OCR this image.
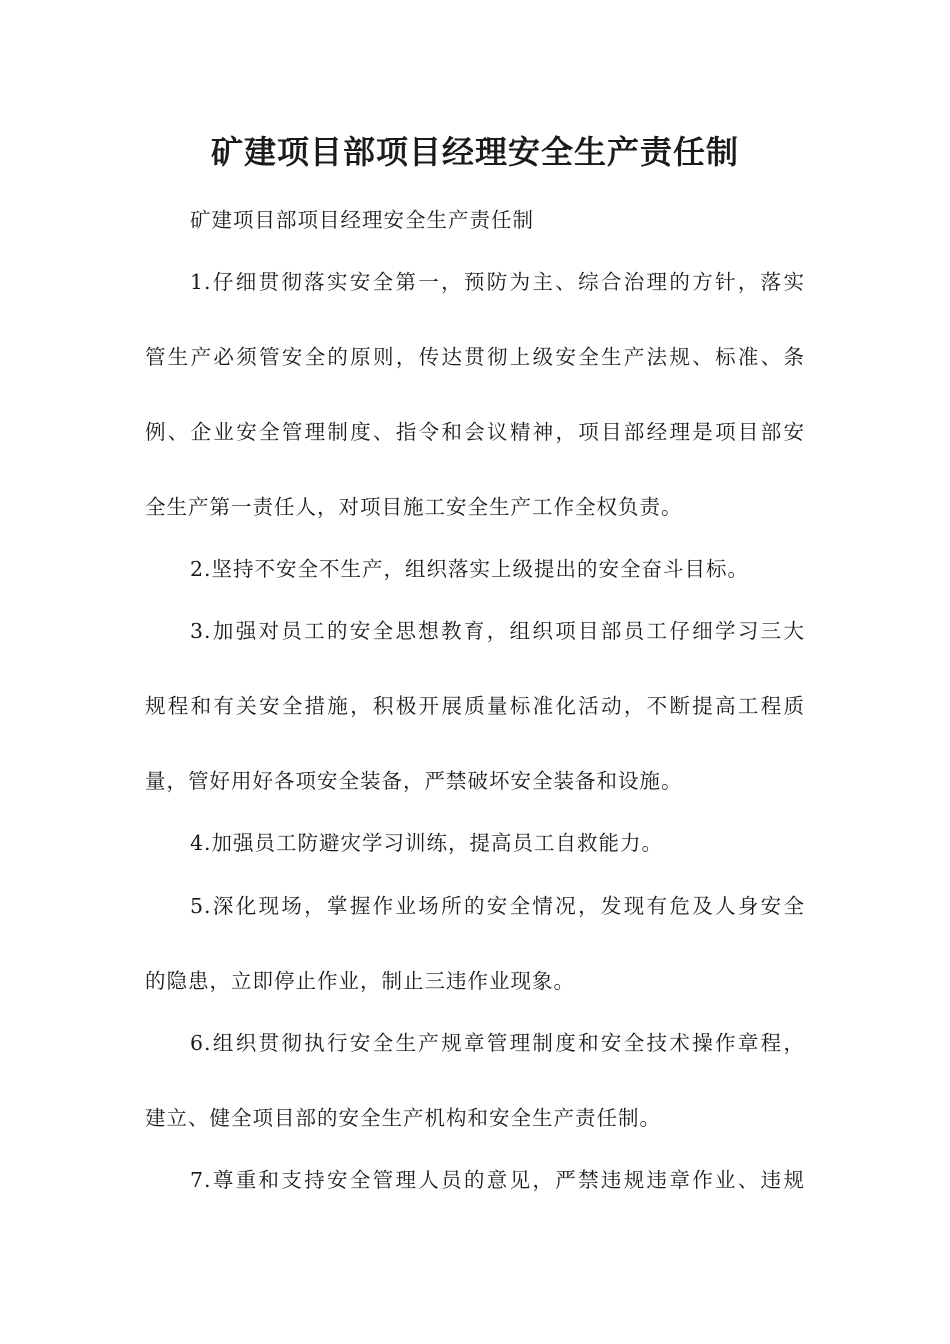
矿建项目部项目经理安全生产责任制
矿建项目部项目经理安全生产责任制
1.仔细贯彻落实安全第一，预防为主、综合治理的方针，落实
管生产必须管安全的原则，传达贯彻上级安全生产法规、标准、条
例、企业安全管理制度、指令和会议精神，项目部经理是项目部安
全生产第一责任人，对项目施工安全生产工作全权负责。
2.坚持不安全不生产，组织落实上级提出的安全奋斗目标。
3.加强对员工的安全思想教育，组织项目部员工仔细学习三大
规程和有关安全措施，积极开展质量标准化活动，不断提高工程质
量，管好用好各项安全装备，严禁破坏安全装备和设施。
4.加强员工防避灾学习训练，提高员工自救能力。
5.深化现场，掌握作业场所的安全情况，发现有危及人身安全
的隐患，立即停止作业，制止三违作业现象。
6.组织贯彻执行安全生产规章管理制度和安全技术操作章程，
建立、健全项目部的安全生产机构和安全生产责任制。
7.尊重和支持安全管理人员的意见，严禁违规违章作业、违规
